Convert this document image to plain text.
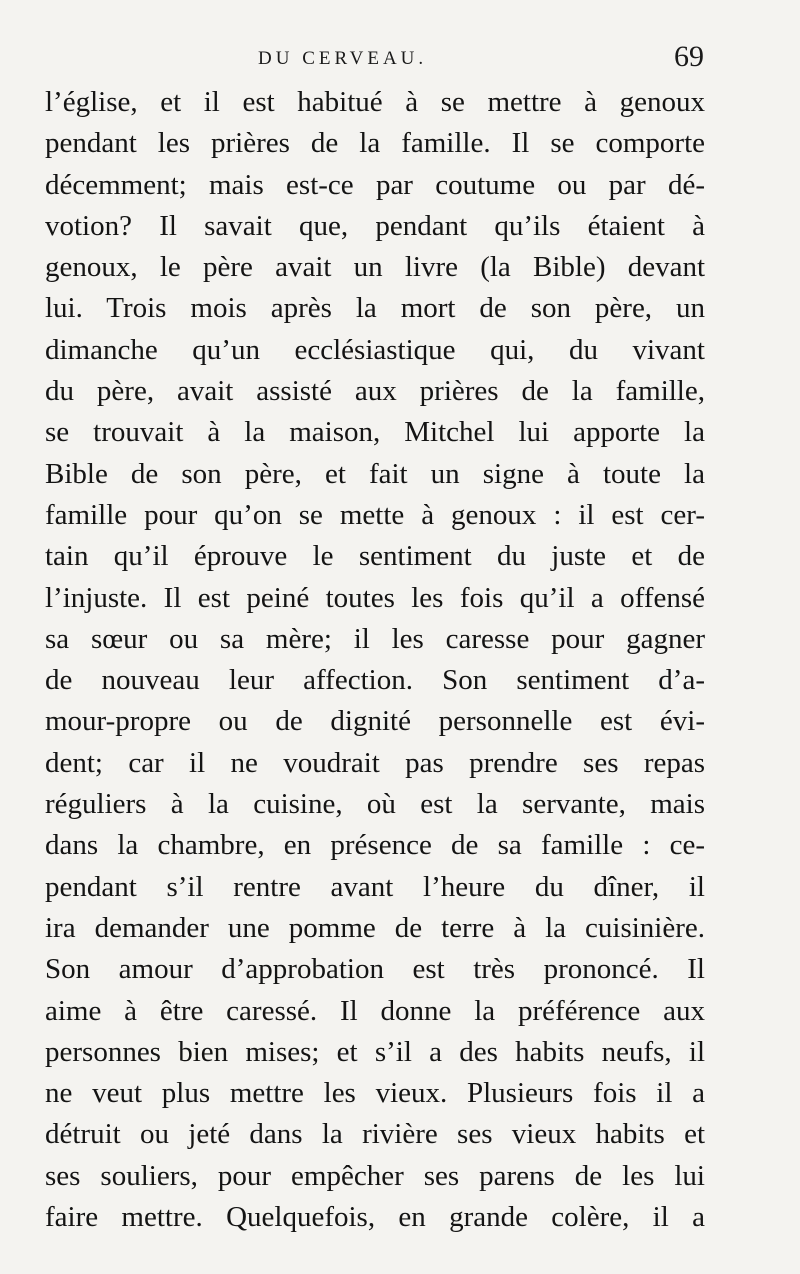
DU CERVEAU.	69
l’église, et il est habitué à se mettre à genoux
pendant les prières de la famille. Il se comporte
décemment; mais est-ce par coutume ou par dé-
votion? Il savait que, pendant qu’ils étaient à
genoux, le père avait un livre (la Bible) devant
lui. Trois mois après la mort de son père, un
dimanche qu’un ecclésiastique qui, du vivant
du père, avait assisté aux prières de la famille,
se trouvait à la maison, Mitchel lui apporte la
Bible de son père, et fait un signe à toute la
famille pour qu’on se mette à genoux : il est cer-
tain qu’il éprouve le sentiment du juste et de
l’injuste. Il est peiné toutes les fois qu’il a offensé
sa sœur ou sa mère; il les caresse pour gagner
de nouveau leur affection. Son sentiment d’a-
mour-propre ou de dignité personnelle est évi-
dent; car il ne voudrait pas prendre ses repas
réguliers à la cuisine, où est la servante, mais
dans la chambre, en présence de sa famille : ce-
pendant s’il rentre avant l’heure du dîner, il
ira demander une pomme de terre à la cuisinière.
Son amour d’approbation est très prononcé. Il
aime à être caressé. Il donne la préférence aux
personnes bien mises; et s’il a des habits neufs, il
ne veut plus mettre les vieux. Plusieurs fois il a
détruit ou jeté dans la rivière ses vieux habits et
ses souliers, pour empêcher ses parens de les lui
faire mettre. Quelquefois, en grande colère, il a
